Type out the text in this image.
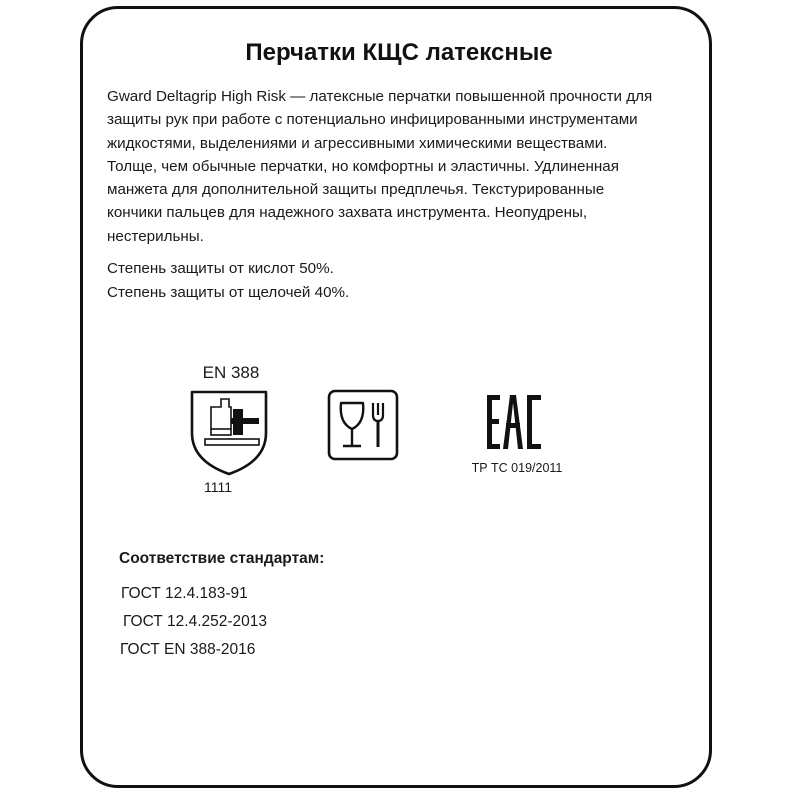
Перчатки КЩС латексные
Gward Deltagrip High Risk — латексные перчатки повышенной прочности для
защиты рук при работе с потенциально инфицированными инструментами
жидкостями, выделениями и агрессивными химическими веществами.
Толще, чем обычные перчатки, но комфортны и эластичны. Удлиненная
манжета для дополнительной защиты предплечья. Текстурированные
кончики пальцев для надежного захвата инструмента. Неопудрены,
нестерильны.

Степень защиты от кислот 50%.

Степень защиты от щелочей 40%.

EN 388
1111
ТР ТС 019/2011

Соответствие стандартам:

ГОСТ 12.4.183-91

ГОСТ 12.4.252-2013

ГОСТ EN 388-2016
